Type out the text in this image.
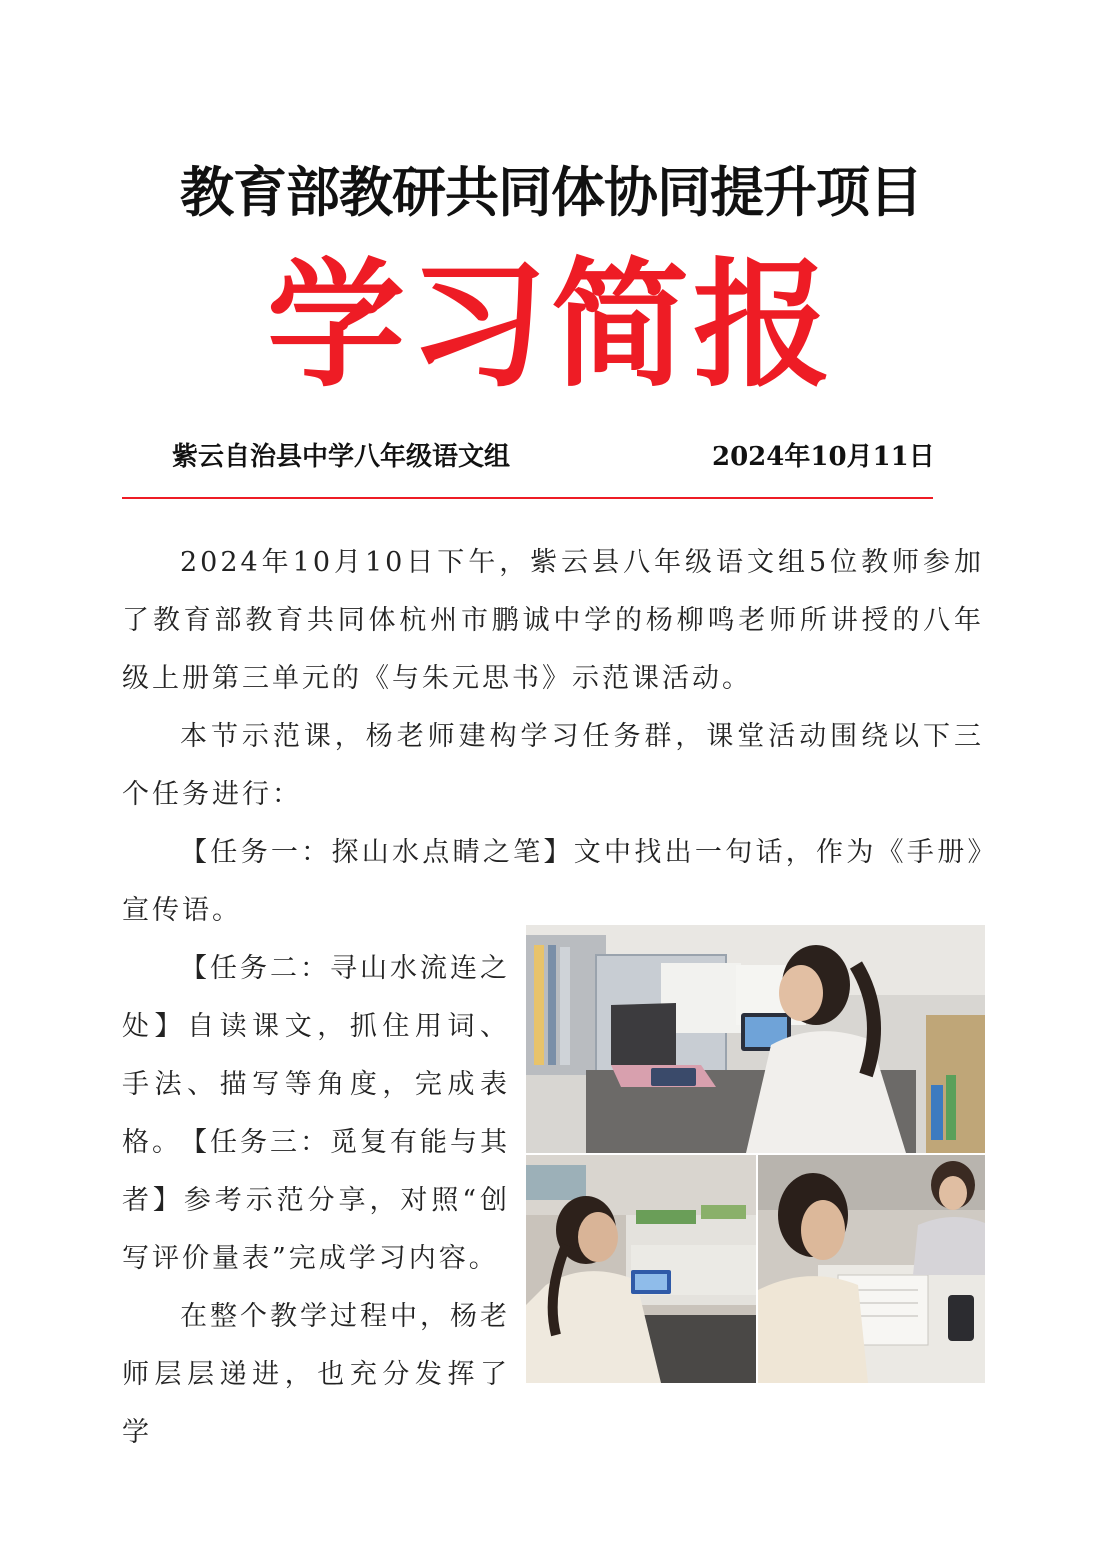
教育部教研共同体协同提升项目
学习简报
紫云自治县中学八年级语文组	2024年10月11日

2024年10月10日下午，紫云县八年级语文组5位教师参加了教育部教育共同体杭州市鹏诚中学的杨柳鸣老师所讲授的八年级上册第三单元的《与朱元思书》示范课活动。

本节示范课，杨老师建构学习任务群，课堂活动围绕以下三个任务进行：

【任务一：探山水点睛之笔】文中找出一句话，作为《手册》宣传语。

【任务二：寻山水流连之处】自读课文，抓住用词、手法、描写等角度，完成表格。

【任务三：觅复有能与其者】参考示范分享，对照“创写评价量表”完成学习内容。

在整个教学过程中，杨老师层层递进，也充分发挥了学
